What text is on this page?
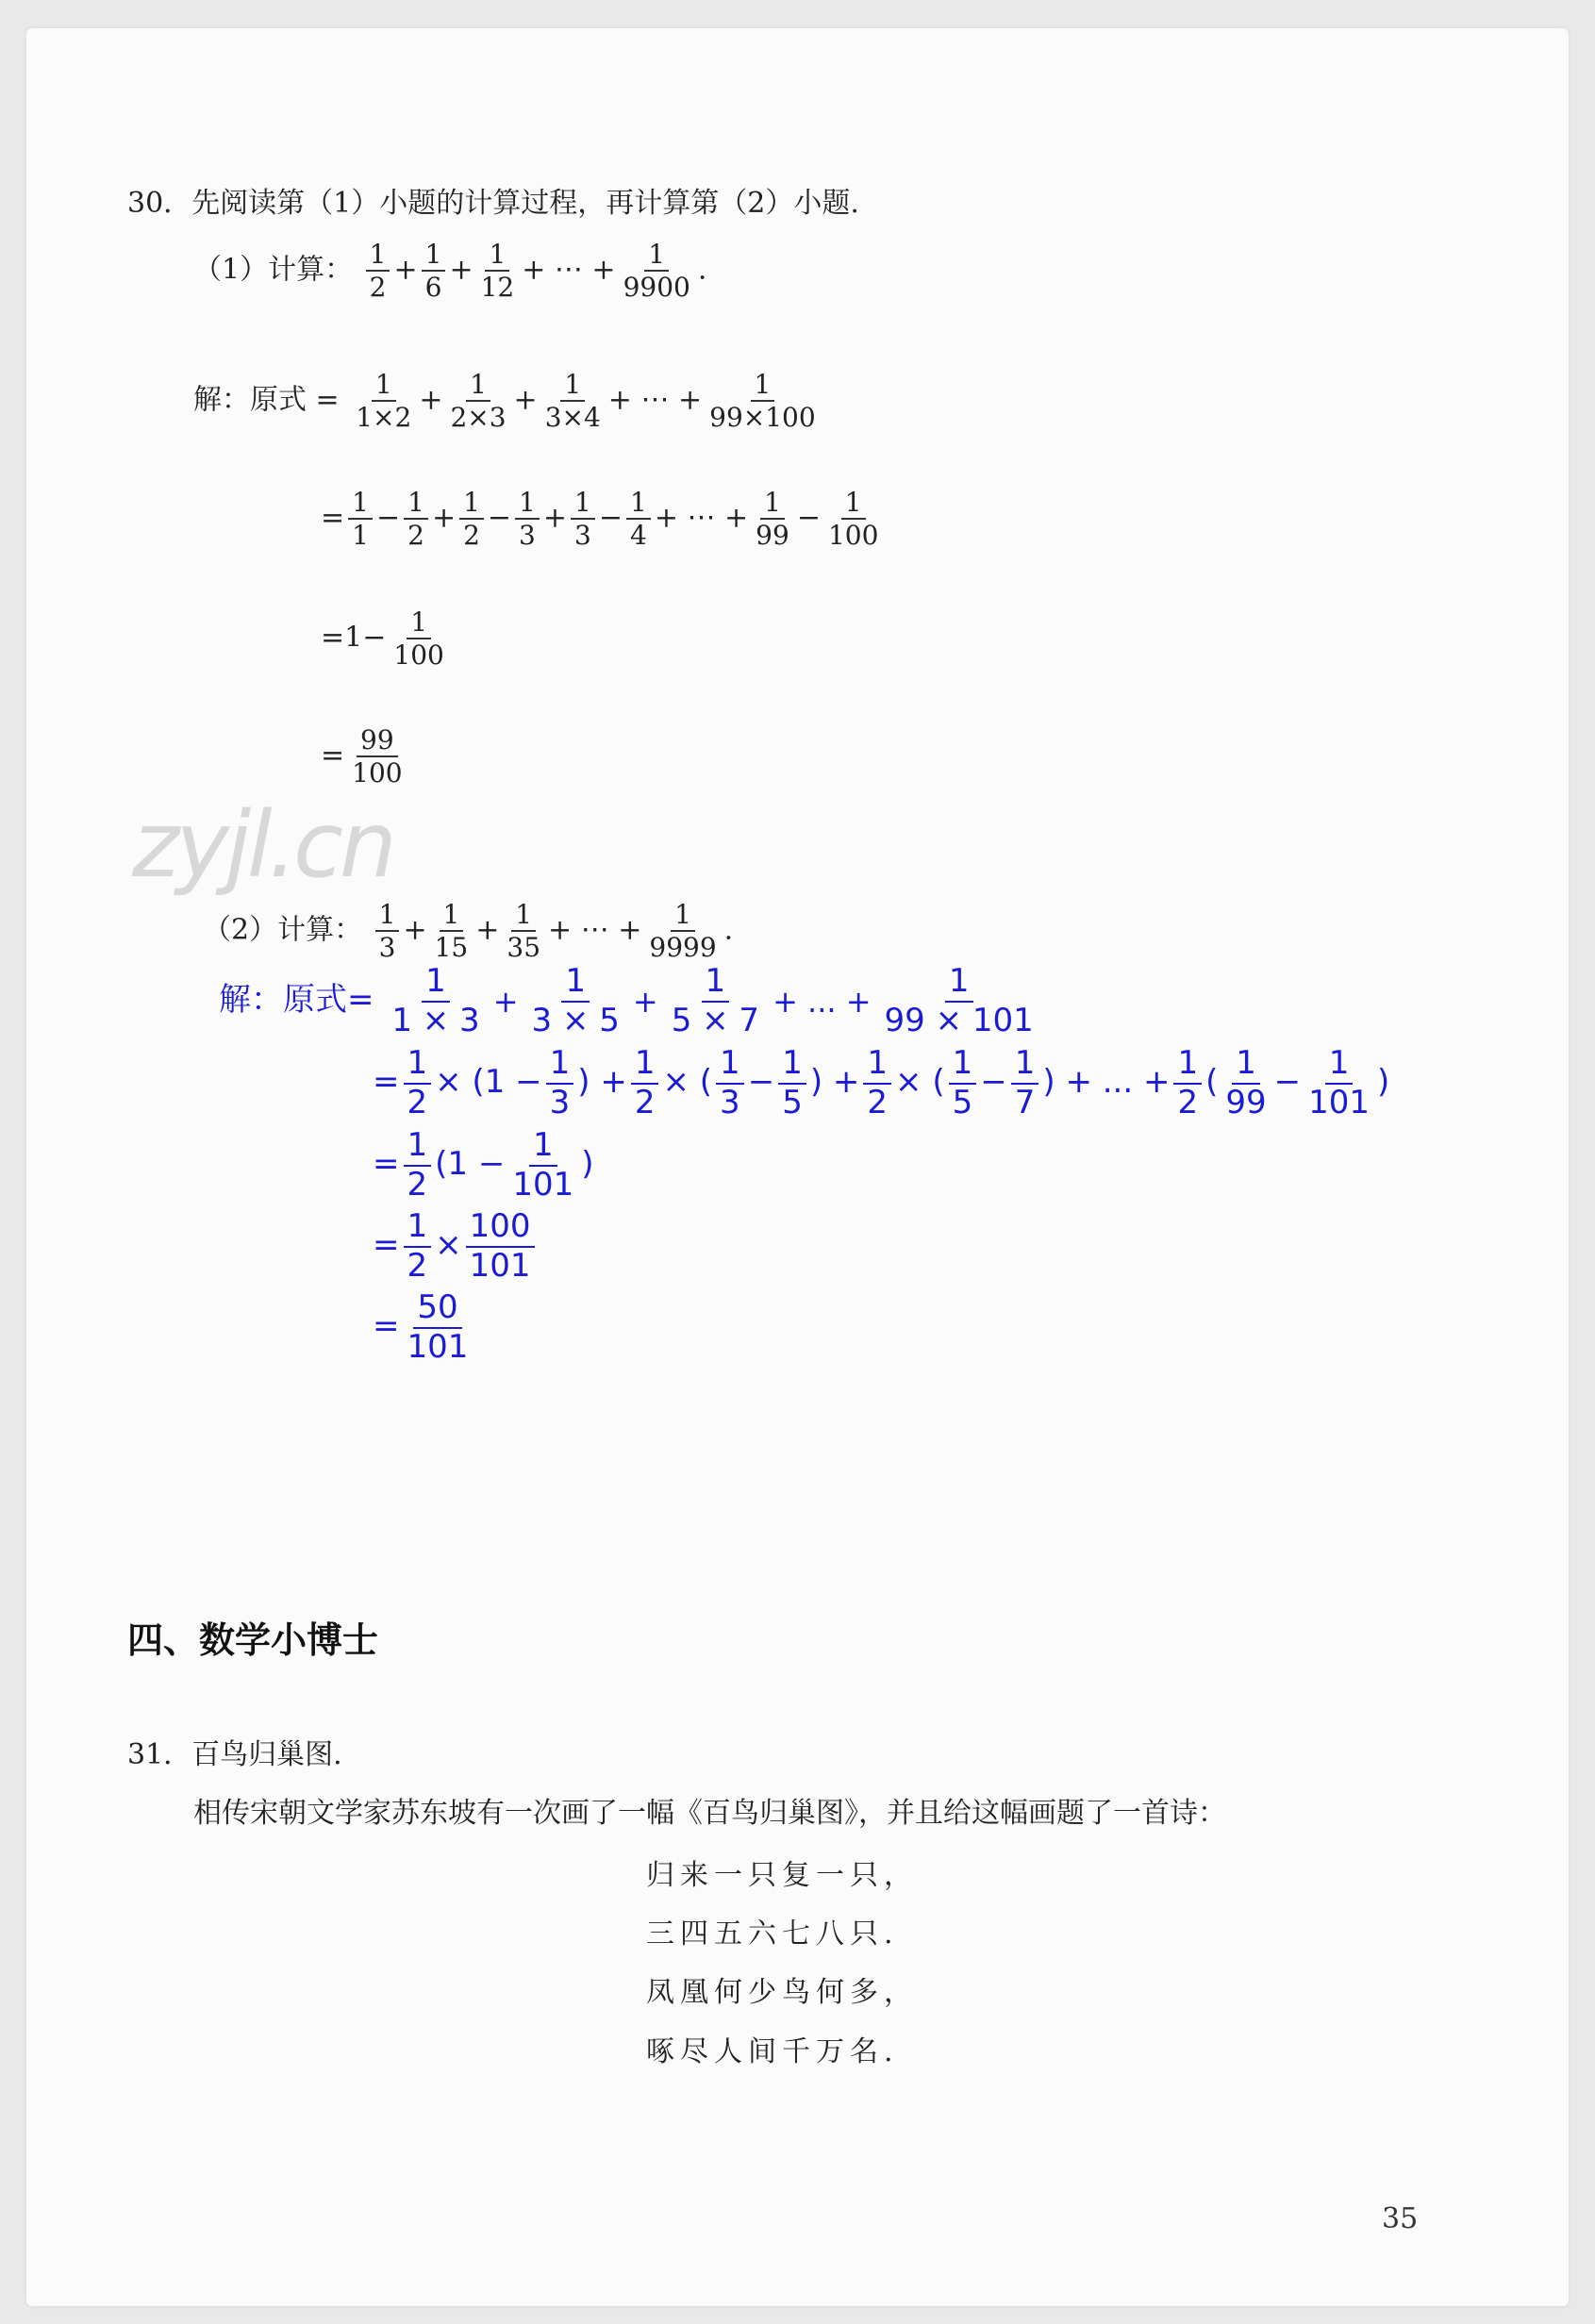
30．先阅读第（1）小题的计算过程，再计算第（2）小题.
（1）计算： $\frac{1}{2} + \frac{1}{6} + \frac{1}{12}$ + ⋯ + $\frac{1}{9900}$ .
解：原式 = $\frac{1}{1\times 2} + \frac{1}{2\times 3} + \frac{1}{3\times 4}$ + ⋯ + $\frac{1}{99\times 100}$
= $\frac{1}{1} - \frac{1}{2} + \frac{1}{2} - \frac{1}{3} + \frac{1}{3} - \frac{1}{4}$ + ⋯ + $\frac{1}{99} - \frac{1}{100}$
$=1- \frac{1}{100}$
= $\frac{99}{100}$
zyjl.cn
（2）计算： $\frac{1}{3} + \frac{1}{15} + \frac{1}{35}$ + ⋯ + $\frac{1}{9999}$ .
解：原式= $\frac{1}{1 \times 3} + \frac{1}{3 \times 5} + \frac{1}{5 \times 7}$ + ... + $\frac{1}{99 \times 101}$
= $\frac{1}{2} \times (1 - \frac{1}{3}$ ) + $\frac{1}{2}$ × ( $\frac{1}{3} - \frac{1}{5}$ ) + $\frac{1}{2}$ × ( $\frac{1}{5} - \frac{1}{7}$ ) + ... + $\frac{1}{2}$ ( $\frac{1}{99} - \frac{1}{101}$ )
= $\frac{1}{2} (1 - \frac{1}{101}$ )
= $\frac{1}{2} \times \frac{100}{101}$
= $\frac{50}{101}$
四、数学小博士
31．百鸟归巢图.
相传宋朝文学家苏东坡有一次画了一幅《百鸟归巢图》，并且给这幅画题了一首诗：
归来一只复一只，
三四五六七八只.
凤凰何少鸟何多，
啄尽人间千万名.
35
